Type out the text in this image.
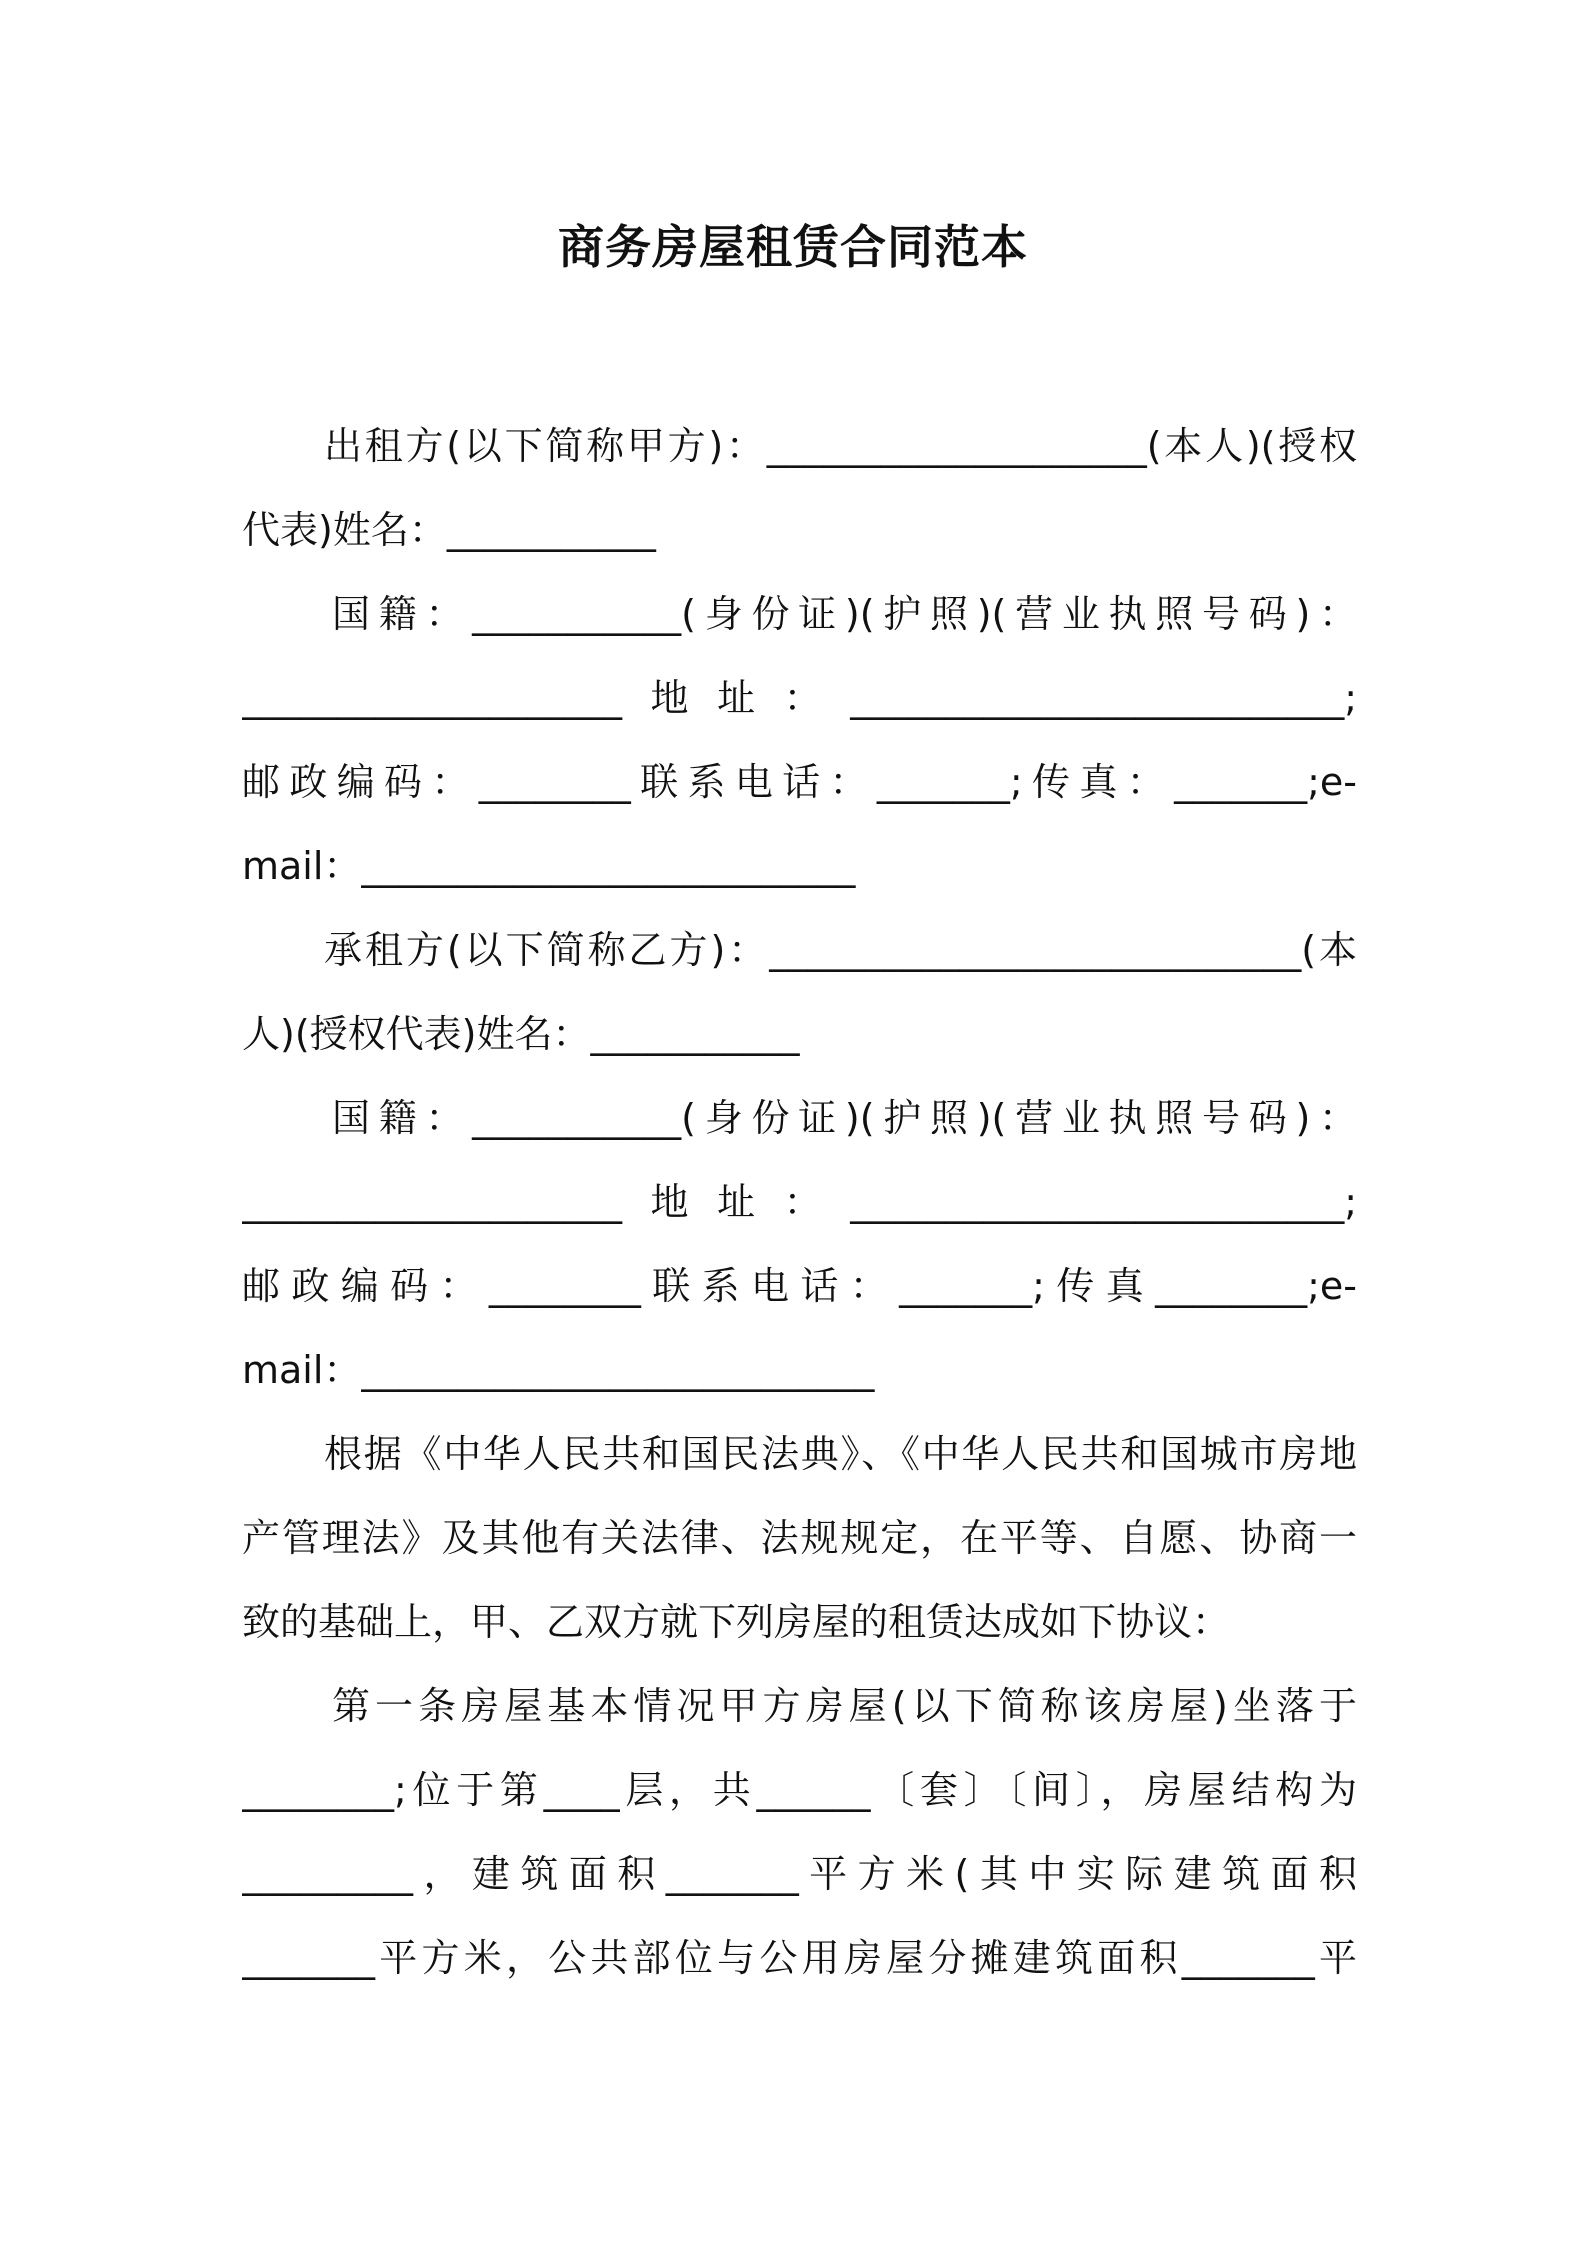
商务房屋租赁合同范本
出租方(以下简称甲方)：____________________(本人)(授权
代表)姓名：___________
国籍：___________(身份证)(护照)(营业执照号码)：
____________________地址：__________________________;
邮政编码：________联系电话：_______;传真：_______;e-
mail：__________________________
承租方(以下简称乙方)：____________________________(本
人)(授权代表)姓名：___________
国籍：___________(身份证)(护照)(营业执照号码)：
____________________地址：__________________________;
邮政编码：________联系电话：_______;传真________;e-
mail：___________________________
根据《中华人民共和国民法典》、《中华人民共和国城市房地
产管理法》及其他有关法律、法规规定，在平等、自愿、协商一
致的基础上，甲、乙双方就下列房屋的租赁达成如下协议：
第一条房屋基本情况甲方房屋(以下简称该房屋)坐落于
________;位于第____层，共______〔套〕〔间〕，房屋结构为
_________，建筑面积_______平方米(其中实际建筑面积
_______平方米，公共部位与公用房屋分摊建筑面积_______平
